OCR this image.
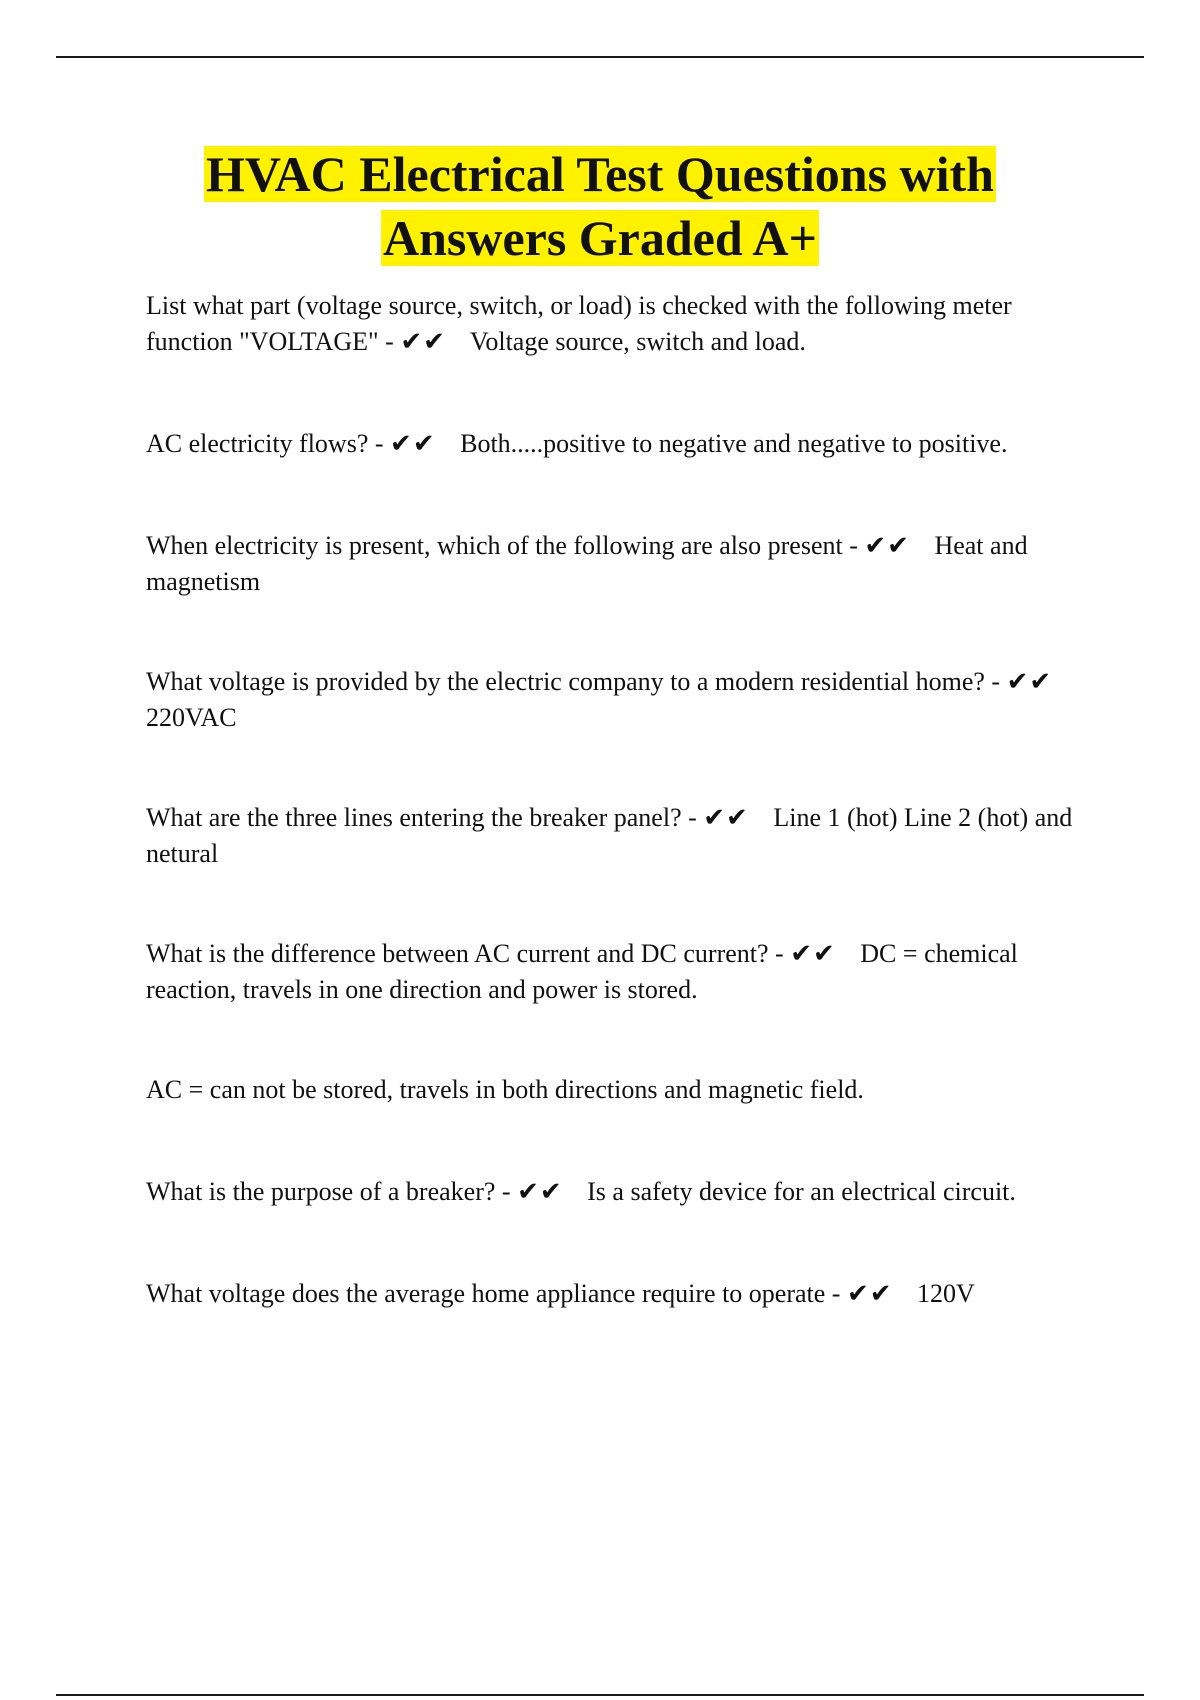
HVAC Electrical Test Questions with
Answers Graded A+

List what part (voltage source, switch, or load) is checked with the following meter function "VOLTAGE" - ✔✔ Voltage source, switch and load.

AC electricity flows? - ✔✔ Both.....positive to negative and negative to positive.

When electricity is present, which of the following are also present - ✔✔ Heat and magnetism

What voltage is provided by the electric company to a modern residential home? - ✔✔ 220VAC

What are the three lines entering the breaker panel? - ✔✔ Line 1 (hot) Line 2 (hot) and netural

What is the difference between AC current and DC current? - ✔✔ DC = chemical reaction, travels in one direction and power is stored.

AC = can not be stored, travels in both directions and magnetic field.

What is the purpose of a breaker? - ✔✔ Is a safety device for an electrical circuit.

What voltage does the average home appliance require to operate - ✔✔ 120V
